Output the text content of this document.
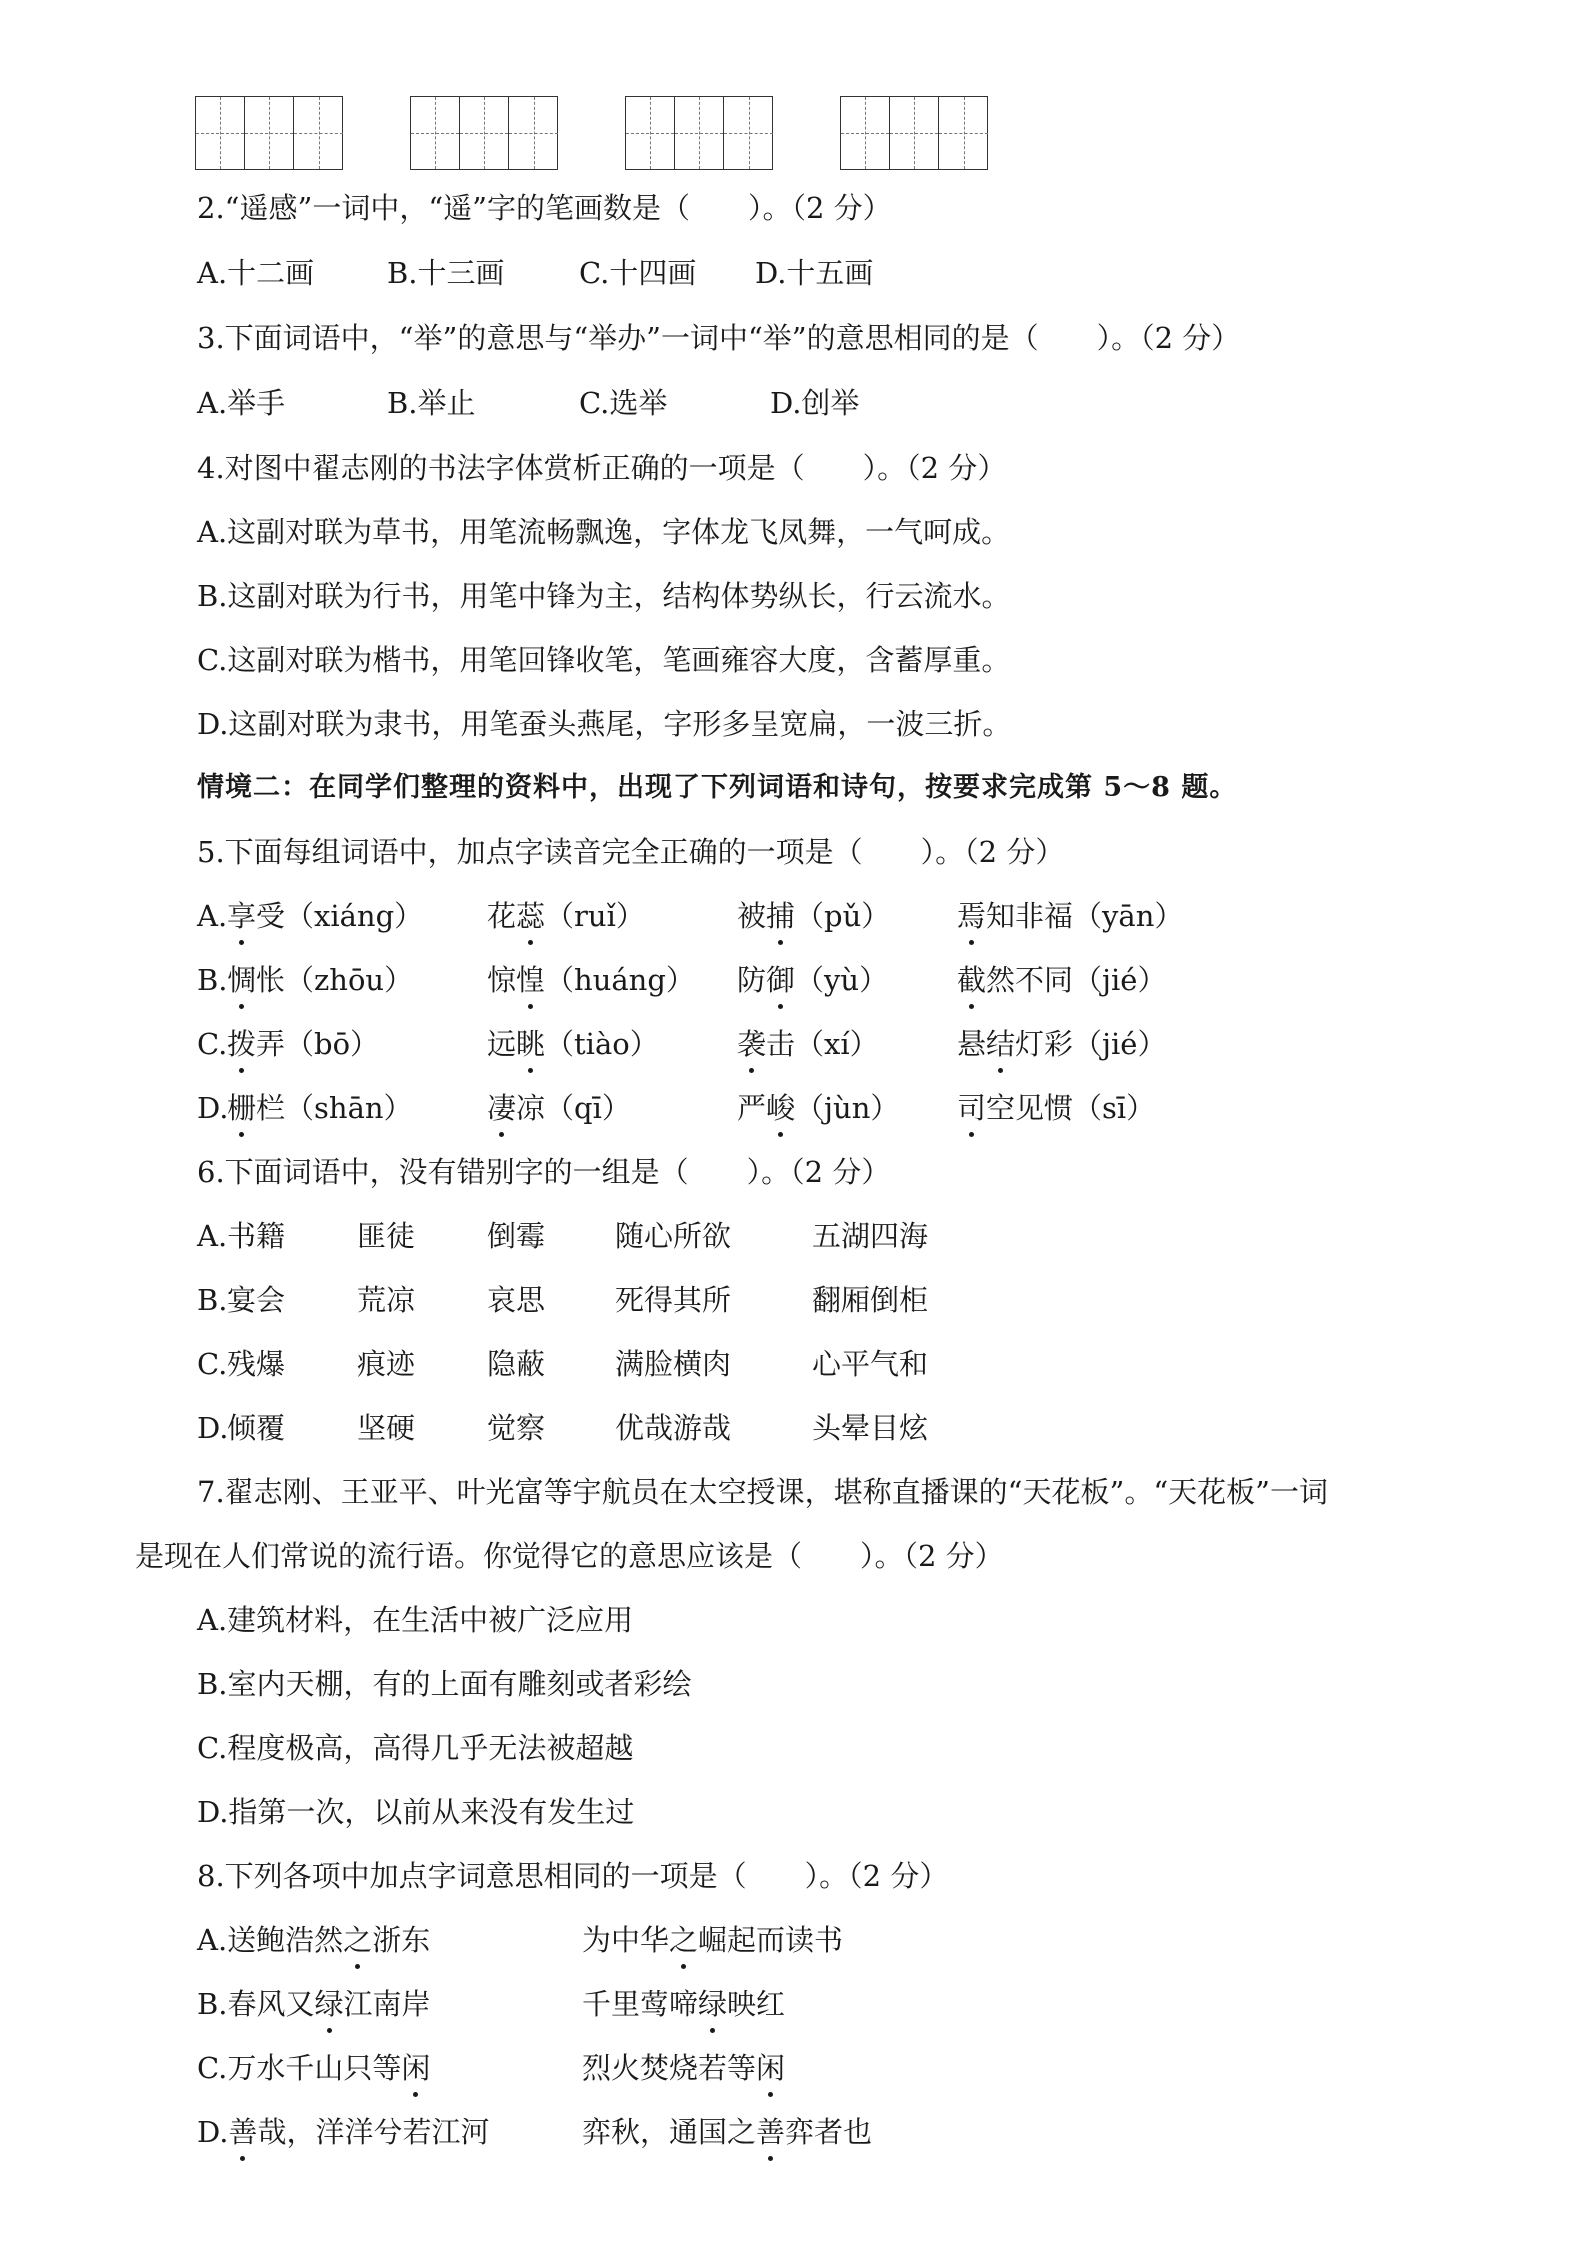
2.“遥感”一词中，“遥”字的笔画数是（　　）。（2 分）
A.十二画	B.十三画	C.十四画 D.十五画
3.下面词语中，“举”的意思与“举办”一词中“举”的意思相同的是（　　）。（2 分）
A.举手	B.举止	C.选举	D.创举
4.对图中翟志刚的书法字体赏析正确的一项是（　　）。（2 分）
A.这副对联为草书，用笔流畅飘逸，字体龙飞凤舞，一气呵成。
B.这副对联为行书，用笔中锋为主，结构体势纵长，行云流水。
C.这副对联为楷书，用笔回锋收笔，笔画雍容大度，含蓄厚重。
D.这副对联为隶书，用笔蚕头燕尾，字形多呈宽扁，一波三折。
情境二：在同学们整理的资料中，出现了下列词语和诗句，按要求完成第 5～8 题。
5.下面每组词语中，加点字读音完全正确的一项是（　　）。（2 分）
A. 享受（xiáng） 花蕊（ruǐ）	被捕（pǔ） 焉知非福（yān）
B. 惆怅（zhōu）	惊惶（huáng） 防御（yù） 截然不同（jié）
C. 拨弄（bō）	远眺（tiào）	袭击（xí）	悬结灯彩（jié）
D.
栅栏（shān）	凄凉（qī）	严峻（jùn） 司空见惯（sī）
6.下面词语中，没有错别字的一组是（　　）。（2 分）
A. 书籍 匪徒 倒霉 随心所欲	五湖四海
B. 宴会 荒凉 哀思 死得其所	翻厢倒柜
C. 残爆 痕迹 隐蔽 满脸横肉	心平气和
D.
倾覆 坚硬 觉察 优哉游哉	头晕目炫
7.翟志刚、王亚平、叶光富等宇航员在太空授课，堪称直播课的“天花板”。“天花板”一词
是现在人们常说的流行语。你觉得它的意思应该是（　　）。（2 分）
A.建筑材料，在生活中被广泛应用
B.室内天棚，有的上面有雕刻或者彩绘
C.程度极高，高得几乎无法被超越
D.指第一次，以前从来没有发生过
8.下列各项中加点字词意思相同的一项是（　　）。（2 分）
A.送鲍浩然之浙东	为中华之崛起而读书
B.春风又绿江南岸	千里莺啼绿映红
C.万水千山只等闲	烈火焚烧若等闲
D.善哉，洋洋兮若江河	弈秋，通国之善弈者也
